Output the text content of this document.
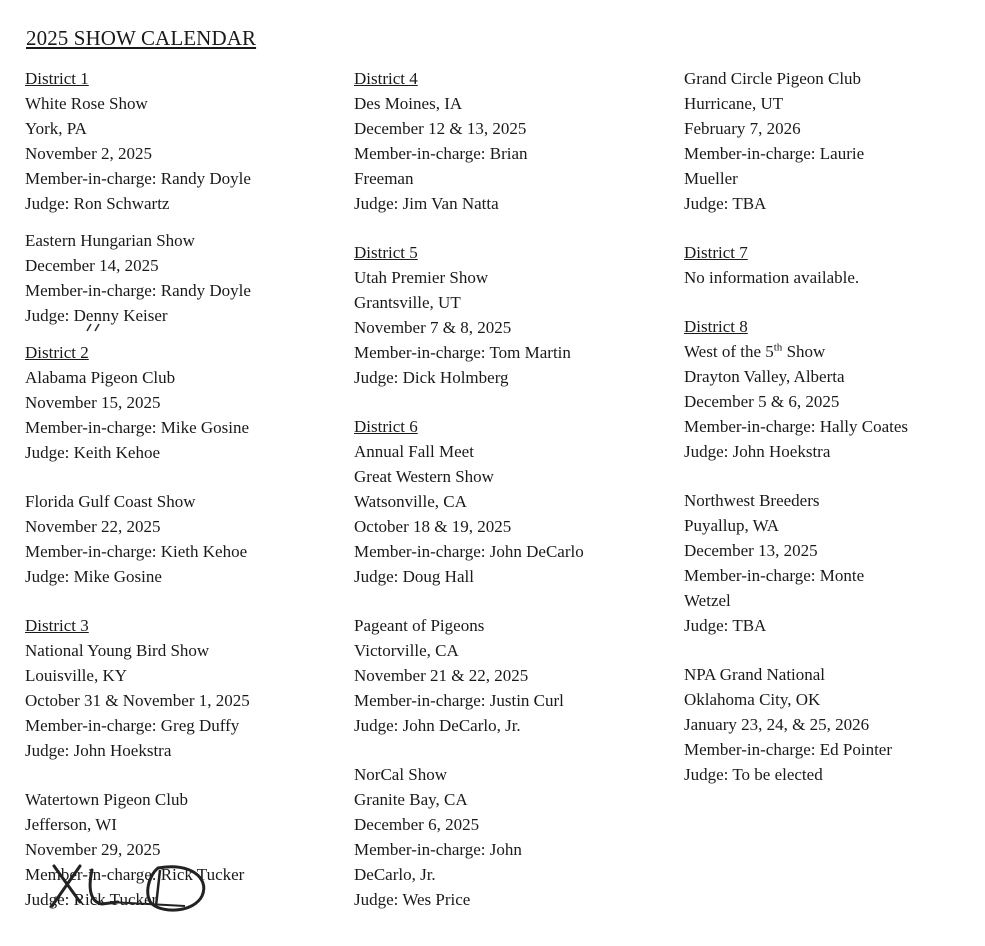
2025 SHOW CALENDAR
District 1
White Rose Show
York, PA
November 2, 2025
Member-in-charge: Randy Doyle
Judge: Ron Schwartz
Eastern Hungarian Show
December 14, 2025
Member-in-charge: Randy Doyle
Judge: Denny Keiser
District 2
Alabama Pigeon Club
November 15, 2025
Member-in-charge: Mike Gosine
Judge: Keith Kehoe
Florida Gulf Coast Show
November 22, 2025
Member-in-charge: Kieth Kehoe
Judge: Mike Gosine
District 3
National Young Bird Show
Louisville, KY
October 31 & November 1, 2025
Member-in-charge: Greg Duffy
Judge: John Hoekstra
Watertown Pigeon Club
Jefferson, WI
November 29, 2025
Member-in-charge: Rick Tucker
Judge: Rick Tucker
District 4
Des Moines, IA
December 12 & 13, 2025
Member-in-charge: Brian
Freeman
Judge: Jim Van Natta
District 5
Utah Premier Show
Grantsville, UT
November 7 & 8, 2025
Member-in-charge: Tom Martin
Judge: Dick Holmberg
District 6
Annual Fall Meet
Great Western Show
Watsonville, CA
October 18 & 19, 2025
Member-in-charge: John DeCarlo
Judge: Doug Hall
Pageant of Pigeons
Victorville, CA
November 21 & 22, 2025
Member-in-charge: Justin Curl
Judge: John DeCarlo, Jr.
NorCal Show
Granite Bay, CA
December 6, 2025
Member-in-charge: John
DeCarlo, Jr.
Judge: Wes Price
Grand Circle Pigeon Club
Hurricane, UT
February 7, 2026
Member-in-charge: Laurie
Mueller
Judge: TBA
District 7
No information available.
District 8
West of the 5th Show
Drayton Valley, Alberta
December 5 & 6, 2025
Member-in-charge: Hally Coates
Judge: John Hoekstra
Northwest Breeders
Puyallup, WA
December 13, 2025
Member-in-charge: Monte
Wetzel
Judge: TBA
NPA Grand National
Oklahoma City, OK
January 23, 24, & 25, 2026
Member-in-charge: Ed Pointer
Judge: To be elected
